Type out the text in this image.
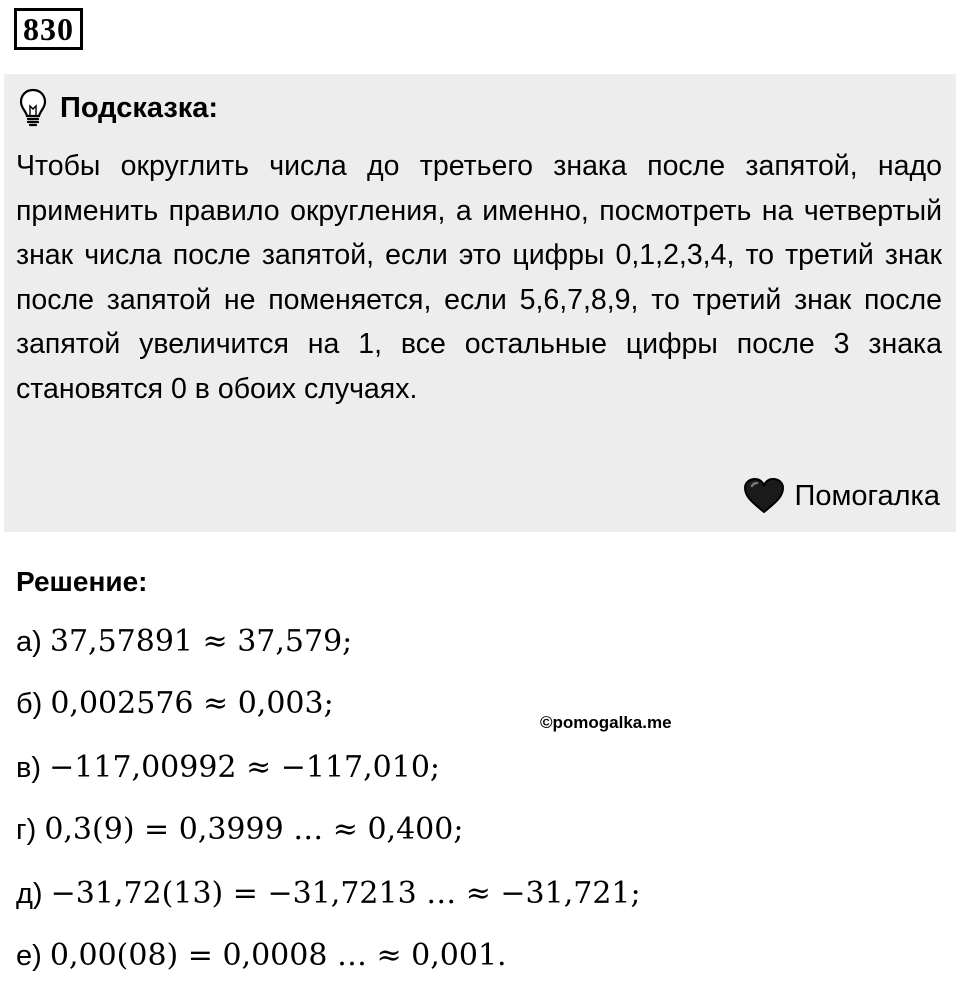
830
Подсказка:
Чтобы округлить числа до третьего знака после запятой, надо применить правило округления, а именно, посмотреть на четвертый знак числа после запятой, если это цифры 0,1,2,3,4, то третий знак после запятой не поменяется, если 5,6,7,8,9, то третий знак после запятой увеличится на 1, все остальные цифры после 3 знака становятся 0 в обоих случаях.
Помогалка
Решение:
а) 37,57891 ≈ 37,579;
б) 0,002576 ≈ 0,003;
в) −117,00992 ≈ −117,010;
г) 0,3(9) = 0,3999 … ≈ 0,400;
д) −31,72(13) = −31,7213 … ≈ −31,721;
е) 0,00(08) = 0,0008 … ≈ 0,001.
©pomogalka.me
